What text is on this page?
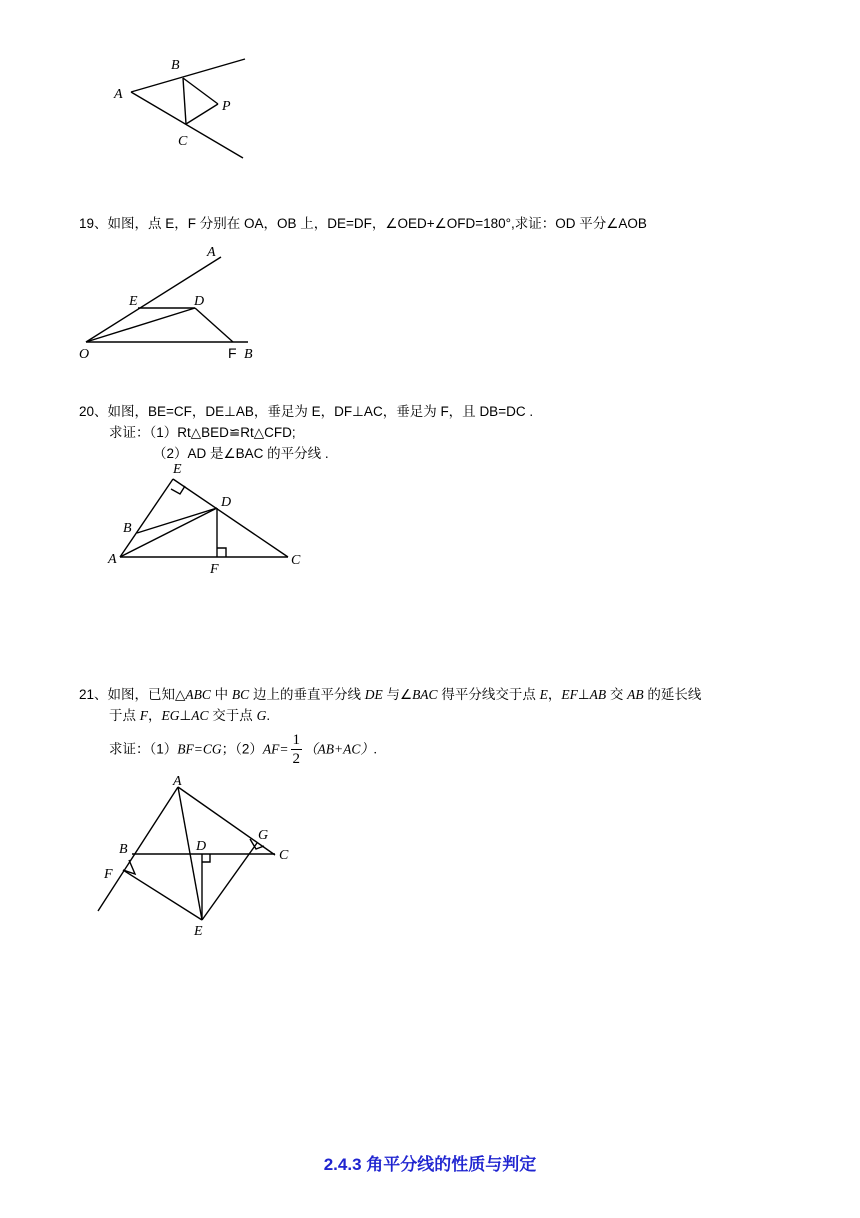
A
B
C
P
19、如图，点 E，F 分别在 OA，OB 上，DE=DF，∠OED+∠OFD=180°,求证：OD 平分∠AOB
A
E	D
O	F B
20、如图，BE=CF，DE⊥AB，垂足为 E，DF⊥AC，垂足为 F，且 DB=DC .
求证：（1）Rt△BED≌Rt△CFD;
（2）AD 是∠BAC 的平分线 .
E
D
B
A
F
C
21、如图，已知△ABC 中 BC 边上的垂直平分线 DE 与∠BAC 得平分线交于点 E，EF⊥AB 交 AB 的延长线
于点 F，EG⊥AC 交于点 G.
求证：（1）BF=CG；$(2)AF= \frac{1}{2} (AB+AC)$.
A
B	D
G
C
F
E
2.4.3 角平分线的性质与判定
